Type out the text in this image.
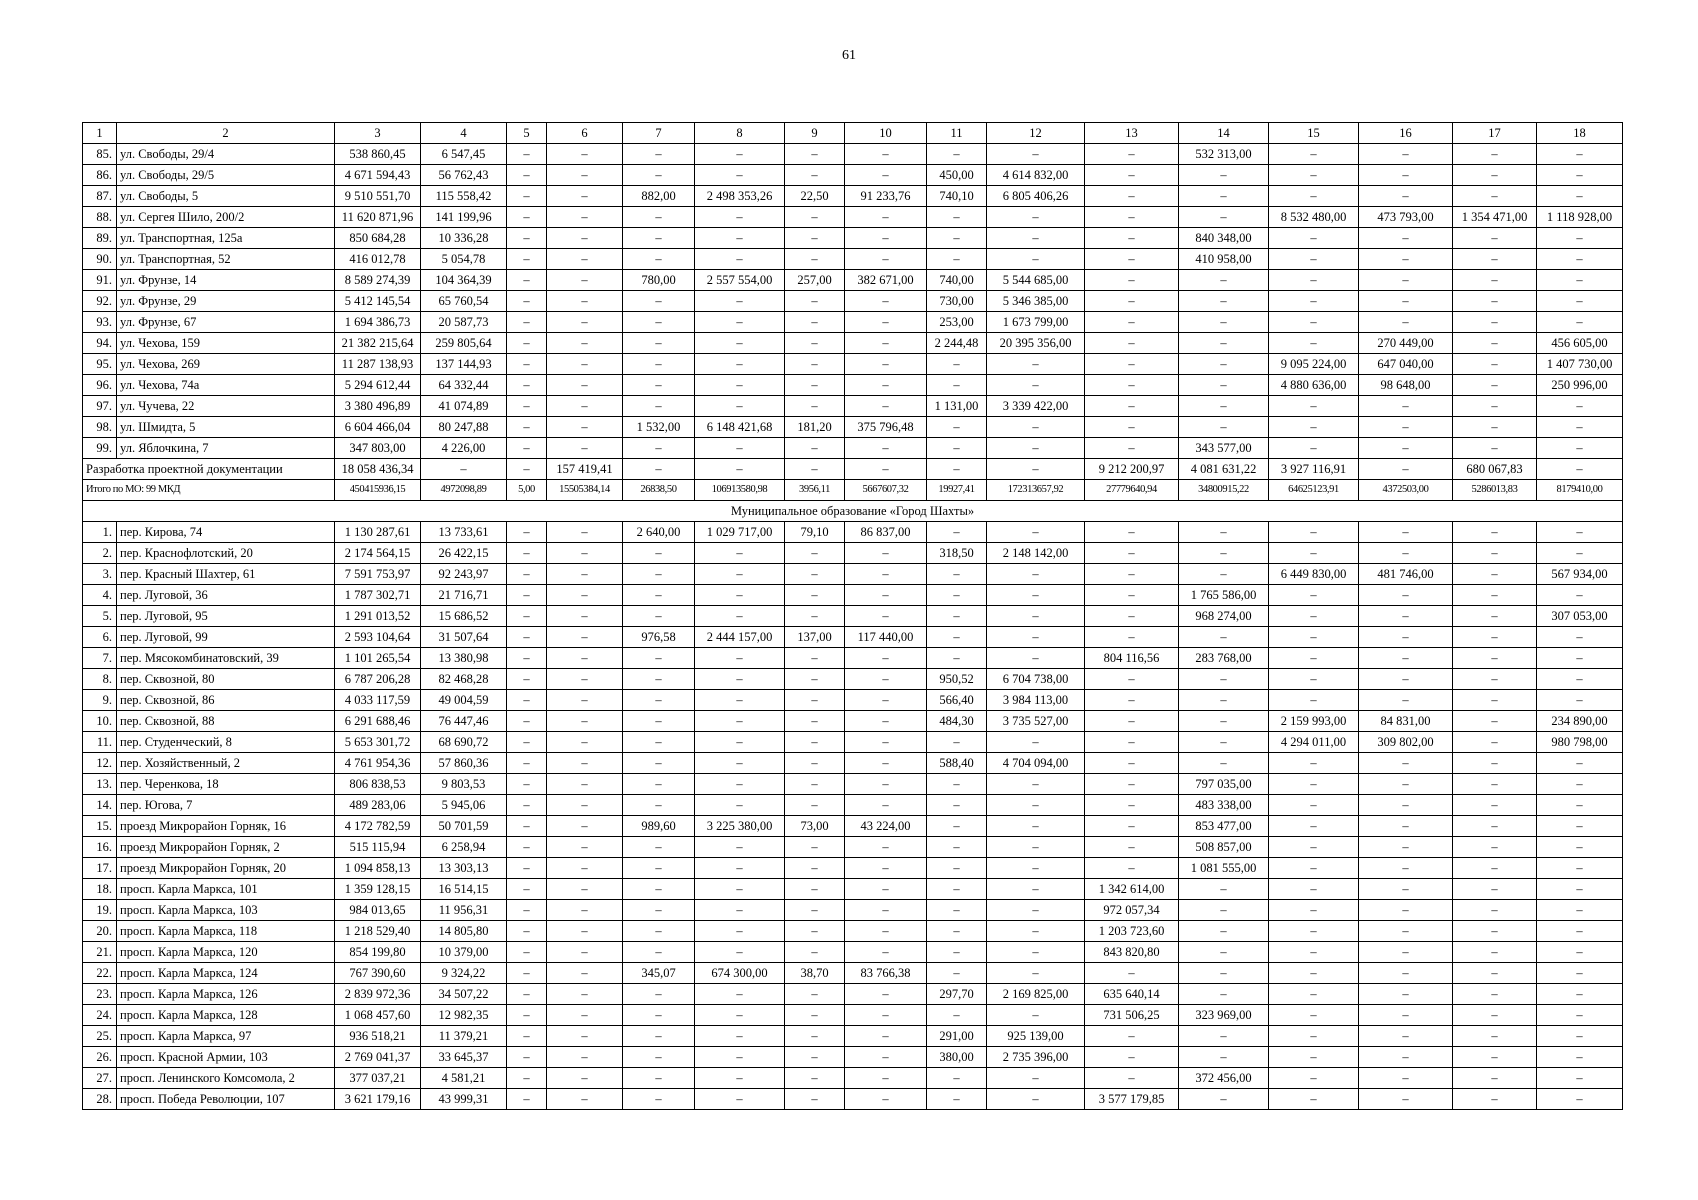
61
1	2	3	4	5	6	7	8	9	10	11	12	13	14	15	16	17	18
85.	ул. Свободы, 29/4	538 860,45	6 547,45	–	–	–	–	–	–	–	–	–	532 313,00	–	–	–	–
86.	ул. Свободы, 29/5	4 671 594,43	56 762,43	–	–	–	–	–	–	450,00	4 614 832,00	–	–	–	–	–	–
87.	ул. Свободы, 5	9 510 551,70	115 558,42	–	–	882,00	2 498 353,26	22,50	91 233,76	740,10	6 805 406,26	–	–	–	–	–	–
88.	ул. Сергея Шило, 200/2	11 620 871,96	141 199,96	–	–	–	–	–	–	–	–	–	–	8 532 480,00	473 793,00	1 354 471,00	1 118 928,00
89.	ул. Транспортная, 125а	850 684,28	10 336,28	–	–	–	–	–	–	–	–	–	840 348,00	–	–	–	–
90.	ул. Транспортная, 52	416 012,78	5 054,78	–	–	–	–	–	–	–	–	–	410 958,00	–	–	–	–
91.	ул. Фрунзе, 14	8 589 274,39	104 364,39	–	–	780,00	2 557 554,00	257,00	382 671,00	740,00	5 544 685,00	–	–	–	–	–	–
92.	ул. Фрунзе, 29	5 412 145,54	65 760,54	–	–	–	–	–	–	730,00	5 346 385,00	–	–	–	–	–	–
93.	ул. Фрунзе, 67	1 694 386,73	20 587,73	–	–	–	–	–	–	253,00	1 673 799,00	–	–	–	–	–	–
94.	ул. Чехова, 159	21 382 215,64	259 805,64	–	–	–	–	–	–	2 244,48	20 395 356,00	–	–	–	270 449,00	–	456 605,00
95.	ул. Чехова, 269	11 287 138,93	137 144,93	–	–	–	–	–	–	–	–	–	–	9 095 224,00	647 040,00	–	1 407 730,00
96.	ул. Чехова, 74а	5 294 612,44	64 332,44	–	–	–	–	–	–	–	–	–	–	4 880 636,00	98 648,00	–	250 996,00
97.	ул. Чучева, 22	3 380 496,89	41 074,89	–	–	–	–	–	–	1 131,00	3 339 422,00	–	–	–	–	–	–
98.	ул. Шмидта, 5	6 604 466,04	80 247,88	–	–	1 532,00	6 148 421,68	181,20	375 796,48	–	–	–	–	–	–	–	–
99.	ул. Яблочкина, 7	347 803,00	4 226,00	–	–	–	–	–	–	–	–	–	343 577,00	–	–	–	–
Разработка проектной документации		18 058 436,34	–	–	157 419,41	–	–	–	–	–	–	9 212 200,97	4 081 631,22	3 927 116,91	–	680 067,83	–
Итого по МО: 99 МКД		450415936,15	4972098,89	5,00	15505384,14	26838,50	106913580,98	3956,11	5667607,32	19927,41	172313657,92	27779640,94	34800915,22	64625123,91	4372503,00	5286013,83	8179410,00
Муниципальное образование «Город Шахты»																	
1.	пер. Кирова, 74	1 130 287,61	13 733,61	–	–	2 640,00	1 029 717,00	79,10	86 837,00	–	–	–	–	–	–	–	–
2.	пер. Краснофлотский, 20	2 174 564,15	26 422,15	–	–	–	–	–	–	318,50	2 148 142,00	–	–	–	–	–	–
3.	пер. Красный Шахтер, 61	7 591 753,97	92 243,97	–	–	–	–	–	–	–	–	–	–	6 449 830,00	481 746,00	–	567 934,00
4.	пер. Луговой, 36	1 787 302,71	21 716,71	–	–	–	–	–	–	–	–	–	1 765 586,00	–	–	–	–
5.	пер. Луговой, 95	1 291 013,52	15 686,52	–	–	–	–	–	–	–	–	–	968 274,00	–	–	–	307 053,00
6.	пер. Луговой, 99	2 593 104,64	31 507,64	–	–	976,58	2 444 157,00	137,00	117 440,00	–	–	–	–	–	–	–	–
7.	пер. Мясокомбинатовский, 39	1 101 265,54	13 380,98	–	–	–	–	–	–	–	–	804 116,56	283 768,00	–	–	–	–
8.	пер. Сквозной, 80	6 787 206,28	82 468,28	–	–	–	–	–	–	950,52	6 704 738,00	–	–	–	–	–	–
9.	пер. Сквозной, 86	4 033 117,59	49 004,59	–	–	–	–	–	–	566,40	3 984 113,00	–	–	–	–	–	–
10.	пер. Сквозной, 88	6 291 688,46	76 447,46	–	–	–	–	–	–	484,30	3 735 527,00	–	–	2 159 993,00	84 831,00	–	234 890,00
11.	пер. Студенческий, 8	5 653 301,72	68 690,72	–	–	–	–	–	–	–	–	–	–	4 294 011,00	309 802,00	–	980 798,00
12.	пер. Хозяйственный, 2	4 761 954,36	57 860,36	–	–	–	–	–	–	588,40	4 704 094,00	–	–	–	–	–	–
13.	пер. Черенкова, 18	806 838,53	9 803,53	–	–	–	–	–	–	–	–	–	797 035,00	–	–	–	–
14.	пер. Югова, 7	489 283,06	5 945,06	–	–	–	–	–	–	–	–	–	483 338,00	–	–	–	–
15.	проезд Микрорайон Горняк, 16	4 172 782,59	50 701,59	–	–	989,60	3 225 380,00	73,00	43 224,00	–	–	–	853 477,00	–	–	–	–
16.	проезд Микрорайон Горняк, 2	515 115,94	6 258,94	–	–	–	–	–	–	–	–	–	508 857,00	–	–	–	–
17.	проезд Микрорайон Горняк, 20	1 094 858,13	13 303,13	–	–	–	–	–	–	–	–	–	1 081 555,00	–	–	–	–
18.	просп. Карла Маркса, 101	1 359 128,15	16 514,15	–	–	–	–	–	–	–	–	1 342 614,00	–	–	–	–	–
19.	просп. Карла Маркса, 103	984 013,65	11 956,31	–	–	–	–	–	–	–	–	972 057,34	–	–	–	–	–
20.	просп. Карла Маркса, 118	1 218 529,40	14 805,80	–	–	–	–	–	–	–	–	1 203 723,60	–	–	–	–	–
21.	просп. Карла Маркса, 120	854 199,80	10 379,00	–	–	–	–	–	–	–	–	843 820,80	–	–	–	–	–
22.	просп. Карла Маркса, 124	767 390,60	9 324,22	–	–	345,07	674 300,00	38,70	83 766,38	–	–	–	–	–	–	–	–
23.	просп. Карла Маркса, 126	2 839 972,36	34 507,22	–	–	–	–	–	–	297,70	2 169 825,00	635 640,14	–	–	–	–	–
24.	просп. Карла Маркса, 128	1 068 457,60	12 982,35	–	–	–	–	–	–	–	–	731 506,25	323 969,00	–	–	–	–
25.	просп. Карла Маркса, 97	936 518,21	11 379,21	–	–	–	–	–	–	291,00	925 139,00	–	–	–	–	–	–
26.	просп. Красной Армии, 103	2 769 041,37	33 645,37	–	–	–	–	–	–	380,00	2 735 396,00	–	–	–	–	–	–
27.	просп. Ленинского Комсомола, 2	377 037,21	4 581,21	–	–	–	–	–	–	–	–	–	372 456,00	–	–	–	–
28.	просп. Победа Революции, 107	3 621 179,16	43 999,31	–	–	–	–	–	–	–	–	3 577 179,85	–	–	–	–	–
